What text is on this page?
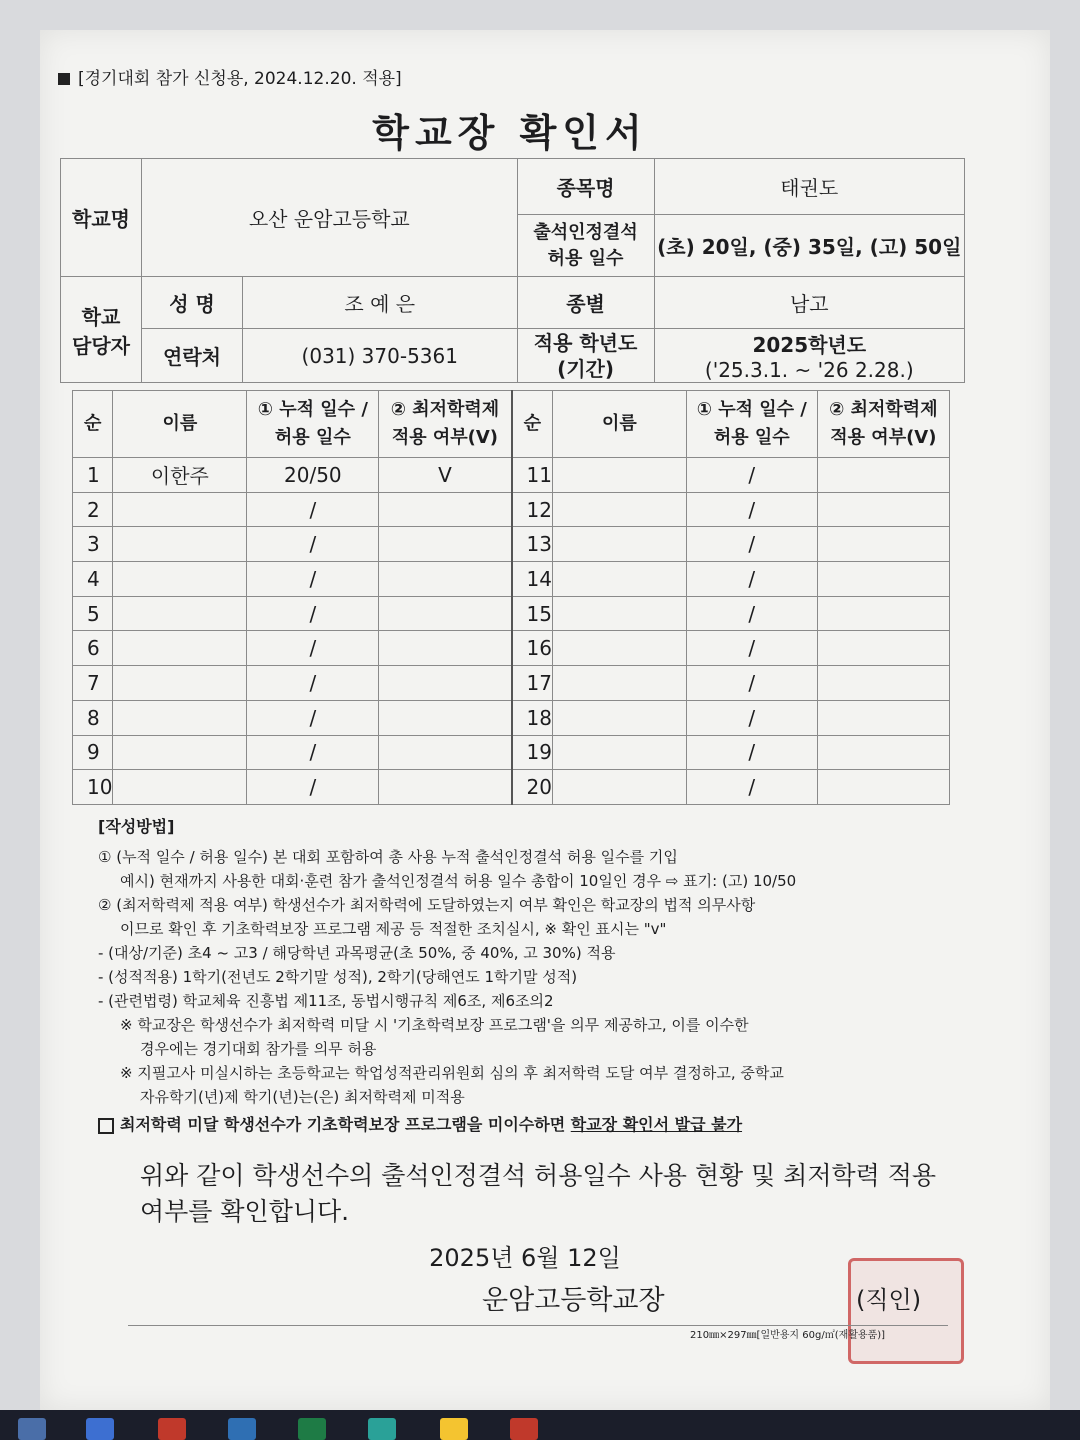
[경기대회 참가 신청용, 2024.12.20. 적용]
학교장 확인서
학교명	오산 운암고등학교		종목명	태권도
			출석인정결석 허용 일수	(초) 20일, (중) 35일, (고) 50일
학교 담당자	성 명	조 예 은	종별	남고
	연락처	(031) 370-5361	적용 학년도 (기간)	2025학년도
('25.3.1. ~ '26 2.28.)
순	이름	① 누적 일수 / 허용 일수	② 최저학력제 적용 여부(V)	순	이름	① 누적 일수 / 허용 일수	② 최저학력제 적용 여부(V)
1	이한주	20/50	V	11		/	
2		/		12		/	
3		/		13		/	
4		/		14		/	
5		/		15		/	
6		/		16		/	
7		/		17		/	
8		/		18		/	
9		/		19		/	
10		/		20		/	
[작성방법]

① (누적 일수 / 허용 일수) 본 대회 포함하여 총 사용 누적 출석인정결석 허용 일수를 기입

예시) 현재까지 사용한 대회·훈련 참가 출석인정결석 허용 일수 총합이 10일인 경우 ⇨ 표기: (고) 10/50

② (최저학력제 적용 여부) 학생선수가 최저학력에 도달하였는지 여부 확인은 학교장의 법적 의무사항

이므로 확인 후 기초학력보장 프로그램 제공 등 적절한 조치실시, ※ 확인 표시는 "v"

- (대상/기준) 초4 ~ 고3 / 해당학년 과목평균(초 50%, 중 40%, 고 30%) 적용

- (성적적용) 1학기(전년도 2학기말 성적), 2학기(당해연도 1학기말 성적)

- (관련법령) 학교체육 진흥법 제11조, 동법시행규칙 제6조, 제6조의2

※ 학교장은 학생선수가 최저학력 미달 시 '기초학력보장 프로그램'을 의무 제공하고, 이를 이수한

경우에는 경기대회 참가를 의무 허용

※ 지필고사 미실시하는 초등학교는 학업성적관리위원회 심의 후 최저학력 도달 여부 결정하고, 중학교

자유학기(년)제 학기(년)는(은) 최저학력제 미적용

최저학력 미달 학생선수가 기초학력보장 프로그램을 미이수하면 학교장 확인서 발급 불가
위와 같이 학생선수의 출석인정결석 허용일수 사용 현황 및 최저학력 적용 여부를 확인합니다.
2025년 6월 12일
운암고등학교장	(직인)
210㎜×297㎜[일반용지 60g/㎡(재활용품)]
